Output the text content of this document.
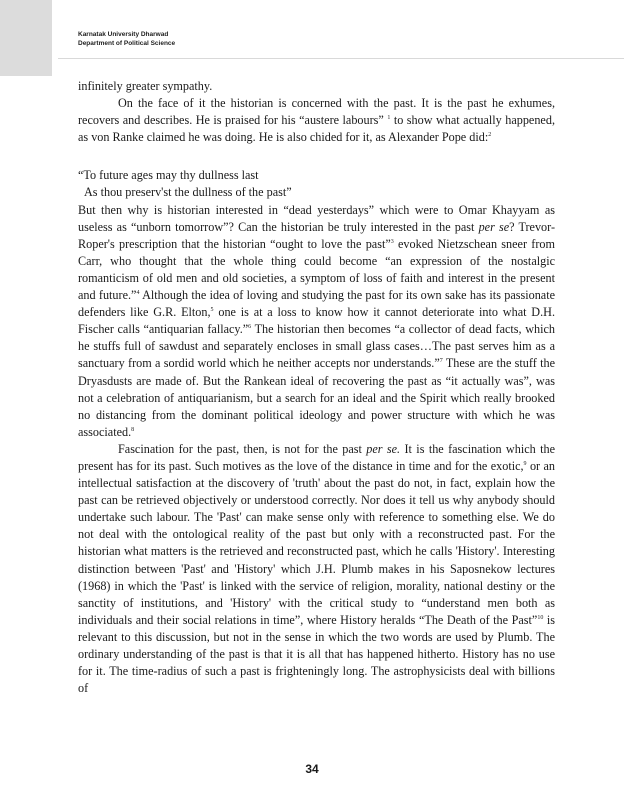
Karnatak University Dharwad
Department of Political Science

infinitely greater sympathy.

On the face of it the historian is concerned with the past. It is the past he exhumes, recovers and describes. He is praised for his “austere labours” $^1$ to show what actually happened, as von Ranke claimed he was doing. He is also chided for it, as Alexander Pope did:$^2$

“To future ages may thy dullness last
As thou preserv'st the dullness of the past”

But then why is historian interested in “dead yesterdays” which were to Omar Khayyam as useless as “unborn tomorrow”? Can the historian be truly interested in the past per se? Trevor-Roper's prescription that the historian “ought to love the past”$^3$ evoked Nietzschean sneer from Carr, who thought that the whole thing could become “an expression of the nostalgic romanticism of old men and old societies, a symptom of loss of faith and interest in the present and future.”$^4$ Although the idea of loving and studying the past for its own sake has its passionate defenders like G.R. Elton,$^5$ one is at a loss to know how it cannot deteriorate into what D.H. Fischer calls “antiquarian fallacy.”$^6$ The historian then becomes “a collector of dead facts, which he stuffs full of sawdust and separately encloses in small glass cases…The past serves him as a sanctuary from a sordid world which he neither accepts nor understands.”$^7$ These are the stuff the Dryasdusts are made of. But the Rankean ideal of recovering the past as “it actually was”, was not a celebration of antiquarianism, but a search for an ideal and the Spirit which really brooked no distancing from the dominant political ideology and power structure with which he was associated.$^8$

Fascination for the past, then, is not for the past per se. It is the fascination which the present has for its past. Such motives as the love of the distance in time and for the exotic,$^9$ or an intellectual satisfaction at the discovery of 'truth' about the past do not, in fact, explain how the past can be retrieved objectively or understood correctly. Nor does it tell us why anybody should undertake such labour. The 'Past' can make sense only with reference to something else. We do not deal with the ontological reality of the past but only with a reconstructed past. For the historian what matters is the retrieved and reconstructed past, which he calls 'History'. Interesting distinction between 'Past' and 'History' which J.H. Plumb makes in his Saposnekow lectures (1968) in which the 'Past' is linked with the service of religion, morality, national destiny or the sanctity of institutions, and 'History' with the critical study to “understand men both as individuals and their social relations in time”, where History heralds “The Death of the Past”$^{10}$ is relevant to this discussion, but not in the sense in which the two words are used by Plumb. The ordinary understanding of the past is that it is all that has happened hitherto. History has no use for it. The time-radius of such a past is frighteningly long. The astrophysicists deal with billions of

34
